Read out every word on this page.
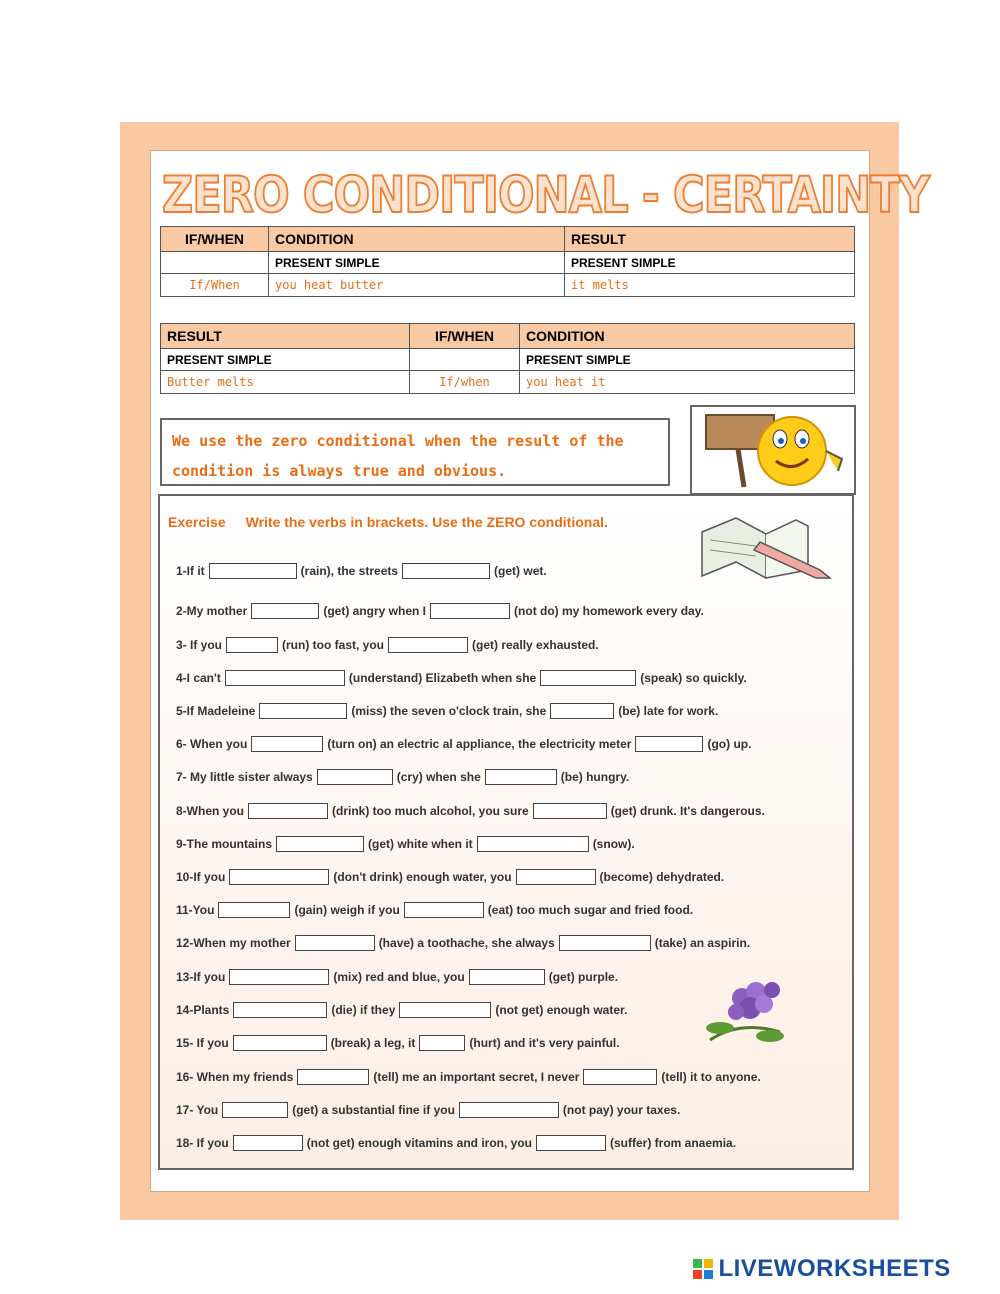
ZERO CONDITIONAL - CERTAINTY
IF/WHEN	CONDITION	RESULT
	PRESENT SIMPLE	PRESENT SIMPLE
If/When	you heat butter	it melts
RESULT	IF/WHEN	CONDITION
PRESENT SIMPLE		PRESENT SIMPLE
Butter melts	If/when	you heat it

We use the zero conditional when the result of the

condition is always true and obvious.

Exercise Write the verbs in brackets. Use the ZERO conditional.
1-If it	(rain), the streets	(get) wet.
2-My mother	(get) angry when I	(not do) my homework every day.
3- If you	(run) too fast, you	(get) really exhausted.
4-I can't	(understand) Elizabeth when she	(speak) so quickly.
5-If Madeleine	(miss) the seven o'clock train, she	(be) late for work.
6- When you	(turn on) an electric al appliance, the electricity meter	(go) up.
7- My little sister always	(cry) when she	(be) hungry.
8-When you	(drink) too much alcohol, you sure	(get) drunk. It's dangerous.
9-The mountains	(get) white when it	(snow).
10-If you	(don't drink) enough water, you	(become) dehydrated.
11-You	(gain) weigh if you	(eat) too much sugar and fried food.
12-When my mother	(have) a toothache, she always	(take) an aspirin.
13-If you	(mix) red and blue, you	(get) purple.
14-Plants	(die) if they	(not get) enough water.
15- If you	(break) a leg, it	(hurt) and it's very painful.
16- When my friends	(tell) me an important secret, I never	(tell) it to anyone.
17- You	(get) a substantial fine if you	(not pay) your taxes.
18- If you	(not get) enough vitamins and iron, you	(suffer) from anaemia.
LIVEWORKSHEETS
